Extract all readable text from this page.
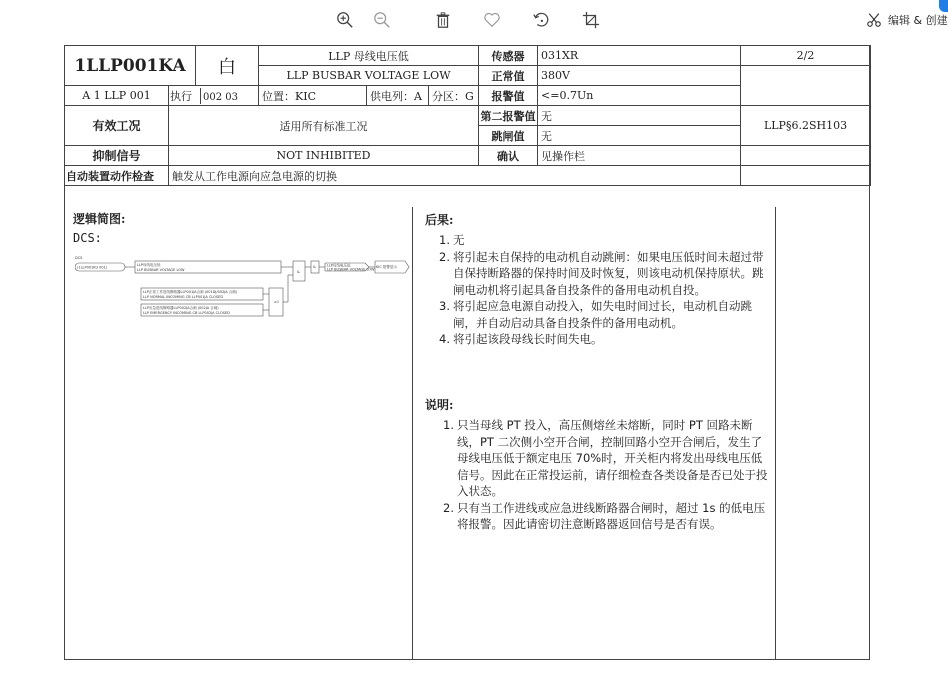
编辑 & 创建
1LLP001KA		白	LLP 母线电压低			传感器	031XR	2/2
			LLP BUSBAR VOLTAGE LOW			正常值	380V	
A 1 LLP 001	执行 002 03		位置：KIC	供电列：A	分区：G	报警值	<=0.7Un	
有效工况	适用所有标准工况					第二报警值	无	LLP§6.2SH103
						跳闸值	无	
抑制信号	NOT INHIBITED					确认	见操作栏	
自动装置动作检查	触发从工作电源向应急电源的切换							
逻辑简图:
DCS:
DCS
(1LLP001KU 001)
LLP母线电压低
LLP BUSBAR VOLTAGE LOW
LLP正常工作进线断路器LLP001JA合闸 (001DJ/002JA 合闸)
LLP NORMAL INCOMING CB LLP001JA CLOSED
LLP应急进线断路器LLP002JA合闸 (002JA 合闸)
LLP EMERGENCY INCOMING CB LLP002JA CLOSED
≥1
&
&	LLP母线电压低
LLP BUSBAR VOLTAGE LOW
KIC 报警显示
后果:
1. 无
2. 将引起未自保持的电动机自动跳闸：如果电压低时间未超过带自保持断路器的保持时间及时恢复，则该电动机保持原状。跳闸电动机将引起具备自投条件的备用电动机自投。
3. 将引起应急电源自动投入，如失电时间过长，电动机自动跳闸，并自动启动具备自投条件的备用电动机。
4. 将引起该段母线长时间失电。
说明:
1. 只当母线 PT 投入，高压侧熔丝未熔断，同时 PT 回路未断线，PT 二次侧小空开合闸，控制回路小空开合闸后，发生了母线电压低于额定电压 70%时，开关柜内将发出母线电压低信号。因此在正常投运前，请仔细检查各类设备是否已处于投入状态。
2. 只有当工作进线或应急进线断路器合闸时，超过 1s 的低电压将报警。因此请密切注意断路器返回信号是否有误。
